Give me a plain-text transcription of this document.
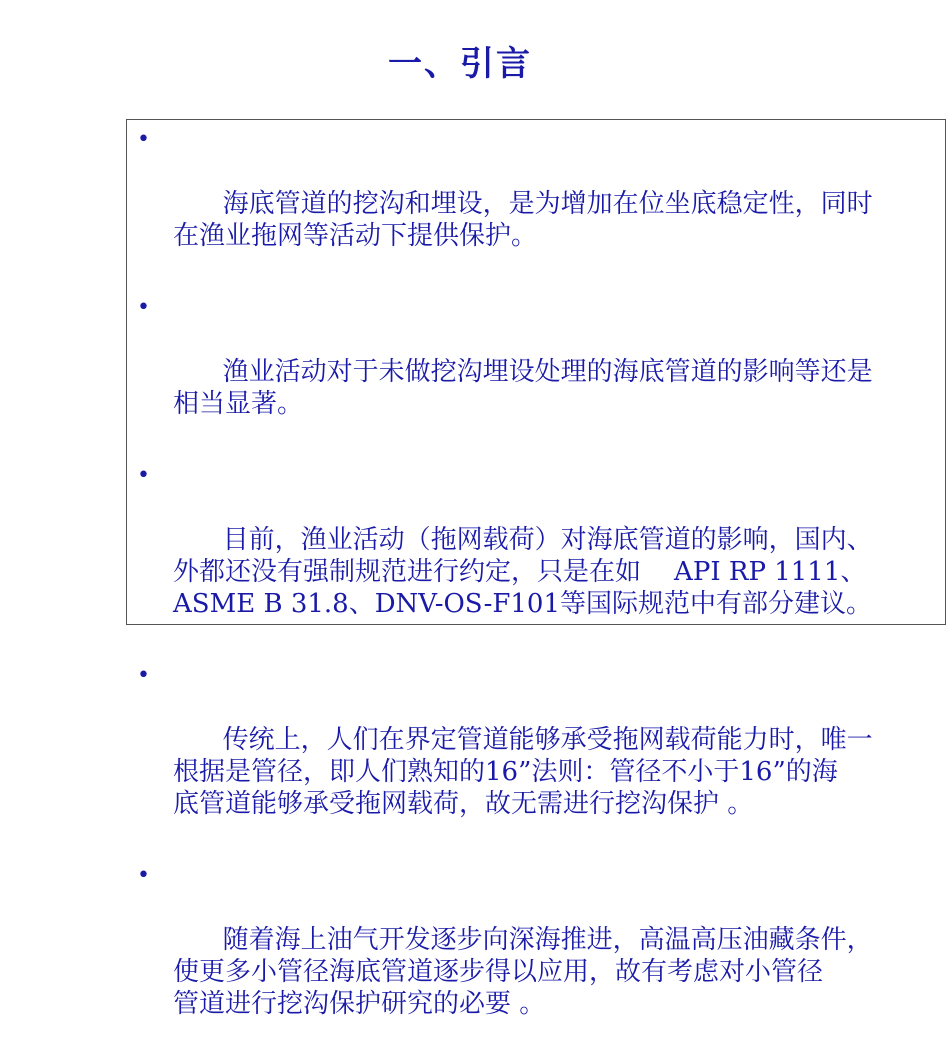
一、引言

•

海底管道的挖沟和埋设，是为增加在位坐底稳定性，同时
在渔业拖网等活动下提供保护。

•

渔业活动对于未做挖沟埋设处理的海底管道的影响等还是
相当显著。

•

目前，渔业活动（拖网载荷）对海底管道的影响，国内、
外都还没有强制规范进行约定，只是在如    API RP 1111、
ASME B 31.8、DNV-OS-F101等国际规范中有部分建议。

•

传统上，人们在界定管道能够承受拖网载荷能力时，唯一
根据是管径，即人们熟知的16”法则：管径不小于16”的海
底管道能够承受拖网载荷，故无需进行挖沟保护 。

•

随着海上油气开发逐步向深海推进，高温高压油藏条件，
使更多小管径海底管道逐步得以应用，故有考虑对小管径
管道进行挖沟保护研究的必要 。
